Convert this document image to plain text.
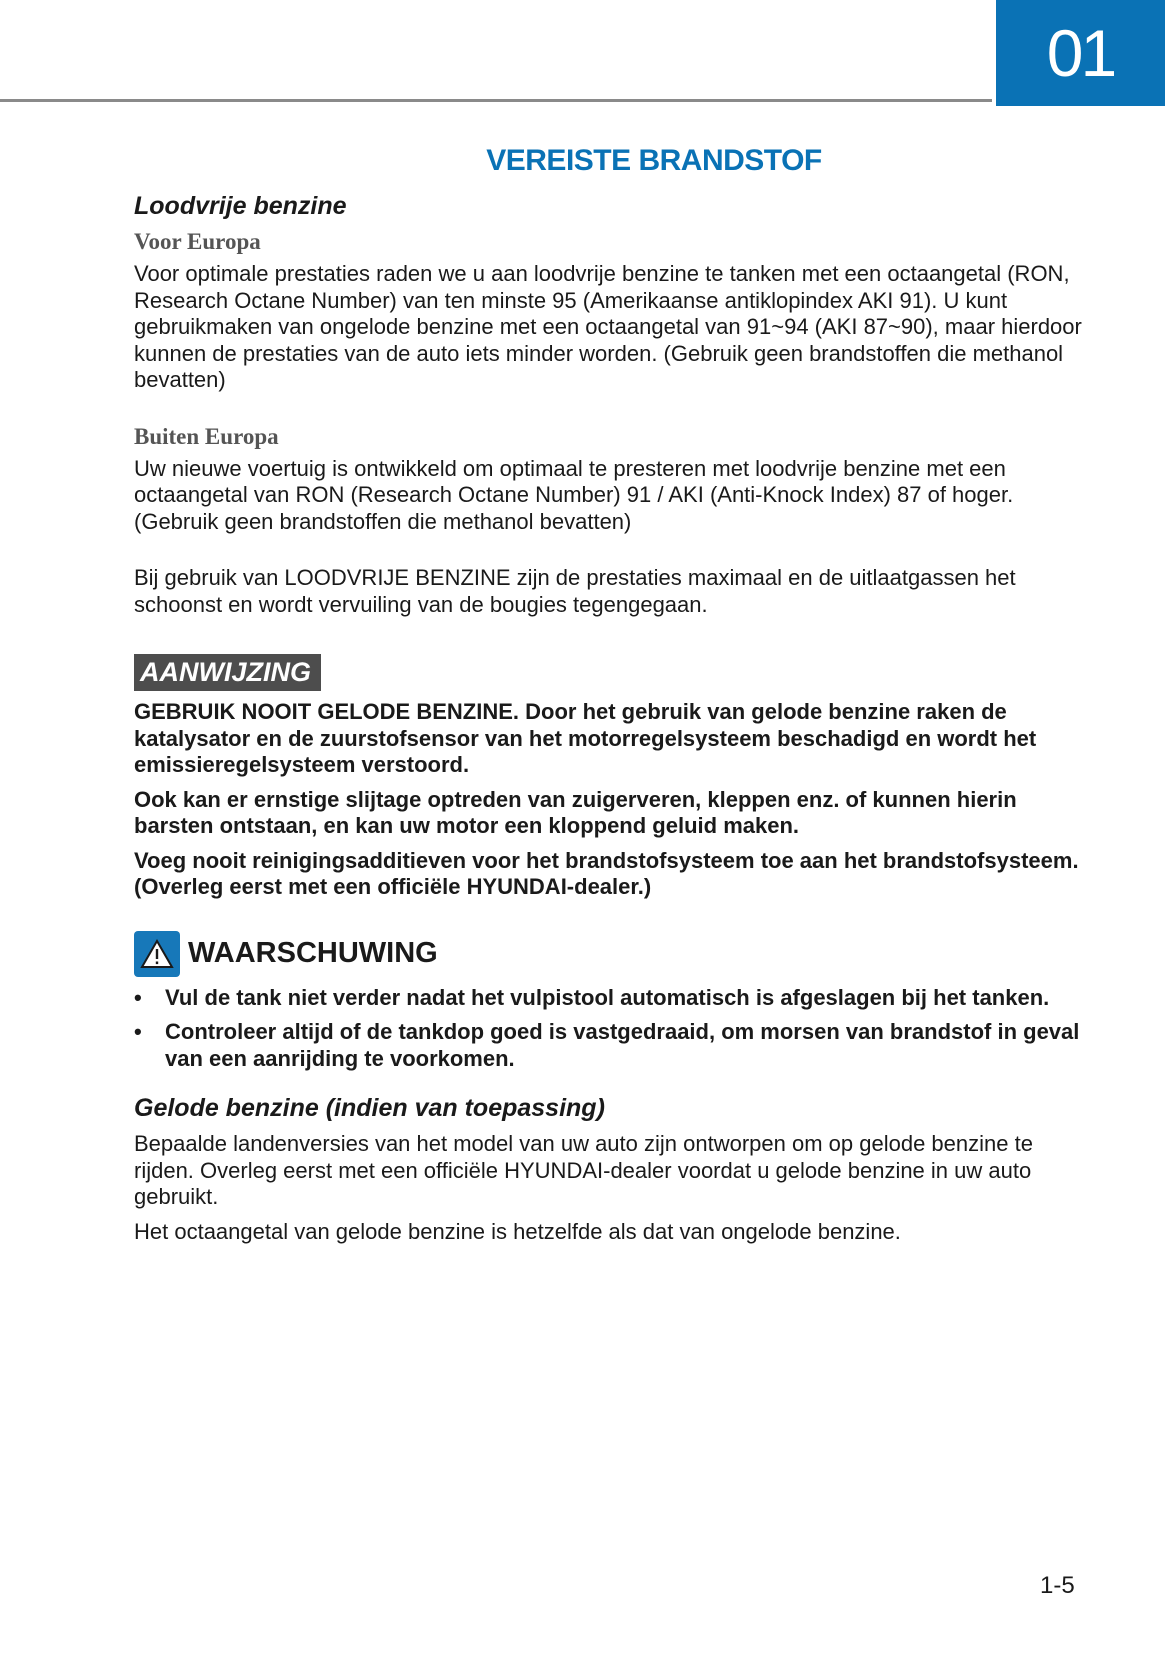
01
VEREISTE BRANDSTOF
Loodvrije benzine
Voor Europa

Voor optimale prestaties raden we u aan loodvrije benzine te tanken met een octaangetal (RON, Research Octane Number) van ten minste 95 (Amerikaanse antiklopindex AKI 91). U kunt gebruikmaken van ongelode benzine met een octaangetal van 91~94 (AKI 87~90), maar hierdoor kunnen de prestaties van de auto iets minder worden. (Gebruik geen brandstoffen die methanol bevatten)

Buiten Europa

Uw nieuwe voertuig is ontwikkeld om optimaal te presteren met loodvrije benzine met een octaangetal van RON (Research Octane Number) 91 / AKI (Anti-Knock Index) 87 of hoger. (Gebruik geen brandstoffen die methanol bevatten)

Bij gebruik van LOODVRIJE BENZINE zijn de prestaties maximaal en de uitlaatgassen het schoonst en wordt vervuiling van de bougies tegengegaan.

AANWIJZING

GEBRUIK NOOIT GELODE BENZINE. Door het gebruik van gelode benzine raken de katalysator en de zuurstofsensor van het motorregelsysteem beschadigd en wordt het emissieregelsysteem verstoord.

Ook kan er ernstige slijtage optreden van zuigerveren, kleppen enz. of kunnen hierin barsten ontstaan, en kan uw motor een kloppend geluid maken.

Voeg nooit reinigingsadditieven voor het brandstofsysteem toe aan het brandstofsysteem. (Overleg eerst met een officiële HYUNDAI-dealer.)

WAARSCHUWING
•	Vul de tank niet verder nadat het vulpistool automatisch is afgeslagen bij het tanken.
•	Controleer altijd of de tankdop goed is vastgedraaid, om morsen van brandstof in geval van een aanrijding te voorkomen.
Gelode benzine (indien van toepassing)

Bepaalde landenversies van het model van uw auto zijn ontworpen om op gelode benzine te rijden. Overleg eerst met een officiële HYUNDAI-dealer voordat u gelode benzine in uw auto gebruikt.

Het octaangetal van gelode benzine is hetzelfde als dat van ongelode benzine.

1-5
